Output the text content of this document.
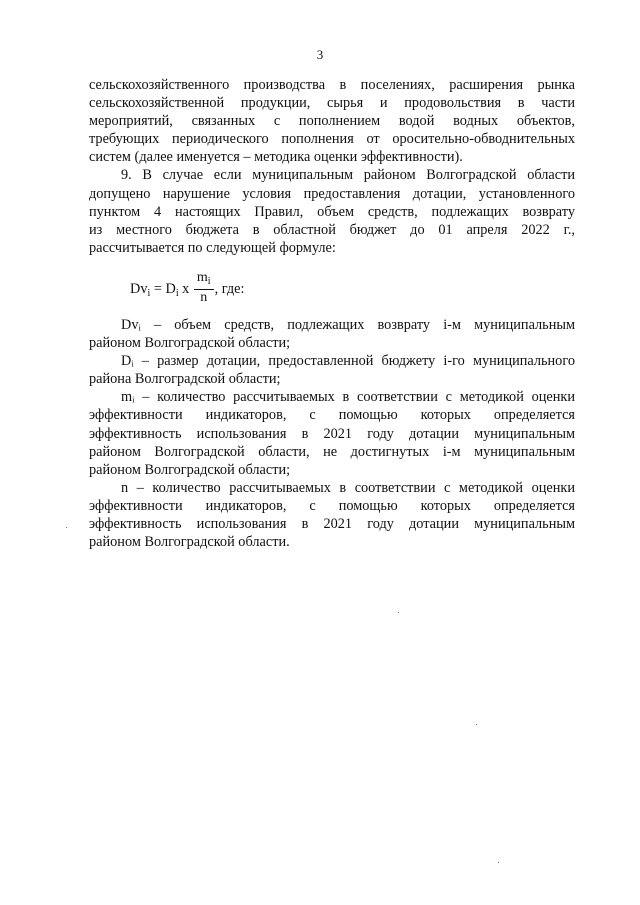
3
сельскохозяйственного производства в поселениях, расширения рынка
сельскохозяйственной продукции, сырья и продовольствия в части
мероприятий, связанных с пополнением водой водных объектов,
требующих периодического пополнения от оросительно-обводнительных
систем (далее именуется – методика оценки эффективности).
9. В случае если муниципальным районом Волгоградской области
допущено нарушение условия предоставления дотации, установленного
пунктом 4 настоящих Правил, объем средств, подлежащих возврату
из местного бюджета в областной бюджет до 01 апреля 2022 г.,
рассчитывается по следующей формуле:
Dvi = Di x $\frac{mi}{n}$ , где:
Dvᵢ – объем средств, подлежащих возврату i-м муниципальным
районом Волгоградской области;
Dᵢ – размер дотации, предоставленной бюджету i-го муниципального
района Волгоградской области;
mᵢ – количество рассчитываемых в соответствии с методикой оценки
эффективности индикаторов, с помощью которых определяется
эффективность использования в 2021 году дотации муниципальным
районом Волгоградской области, не достигнутых i-м муниципальным
районом Волгоградской области;
n – количество рассчитываемых в соответствии с методикой оценки
эффективности индикаторов, с помощью которых определяется
эффективность использования в 2021 году дотации муниципальным
районом Волгоградской области.
